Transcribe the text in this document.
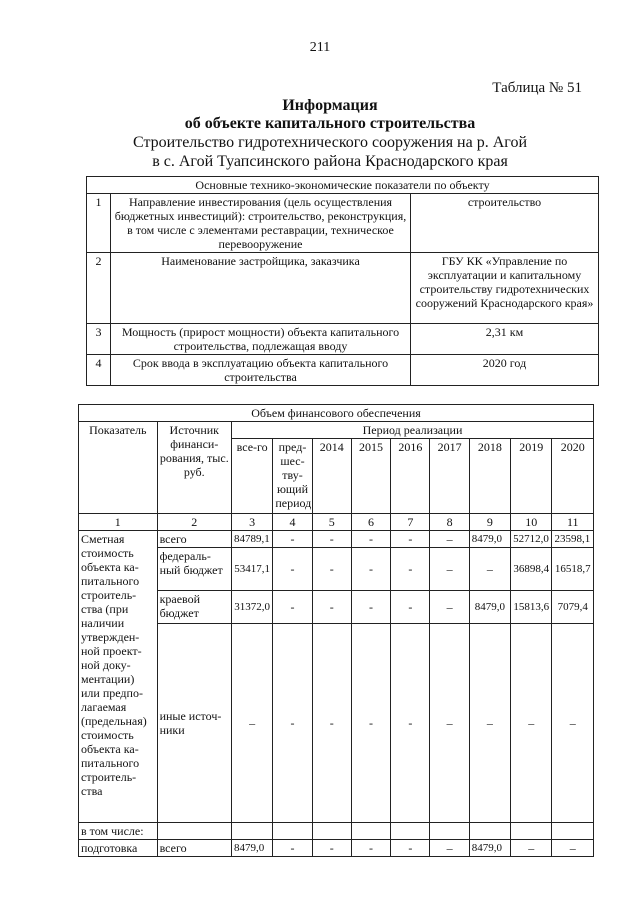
211
Таблица № 51
Информация
об объекте капитального строительства
Строительство гидротехнического сооружения на р. Агой
в с. Агой Туапсинского района Краснодарского края
Основные технико-экономические показатели по объекту		
1	Направление инвестирования (цель осуществления бюджетных инвестиций): строительство, реконструкция, в том числе с элементами реставрации, техническое перевооружение	строительство
2	Наименование застройщика, заказчика	ГБУ КК «Управление по эксплуатации и капитальному строительству гидротехнических сооружений Краснодарского края»
3	Мощность (прирост мощности) объекта капитального строительства, подлежащая вводу	2,31 км
4	Срок ввода в эксплуатацию объекта капитального строительства	2020 год
Объем финансового обеспечения										
Показатель	Источник финанси-рования, тыс. руб.	Период реализации								
		все-го	пред-шес-тву-ющий период	2014	2015	2016	2017	2018	2019	2020

1	2	3	4	5	6	7	8	9	10	11
Сметная стоимость объекта ка-питального строитель-ства (при наличии утвержден-ной проект-ной доку-ментации) или предпо-лагаемая (предельная) стоимость объекта ка-питального строитель-ства	всего	84789,1	-	-	-	-	–	8479,0	52712,0	23598,1
	федераль-ный бюджет	53417,1	-	-	-	-	–	–	36898,4	16518,7
	краевой бюджет	31372,0	-	-	-	-	–	8479,0	15813,6	7079,4
	иные источ-ники	–	-	-	-	-	–	–	–	–
в том числе:										
подготовка	всего	8479,0	-	-	-	-	–	8479,0	–	–
